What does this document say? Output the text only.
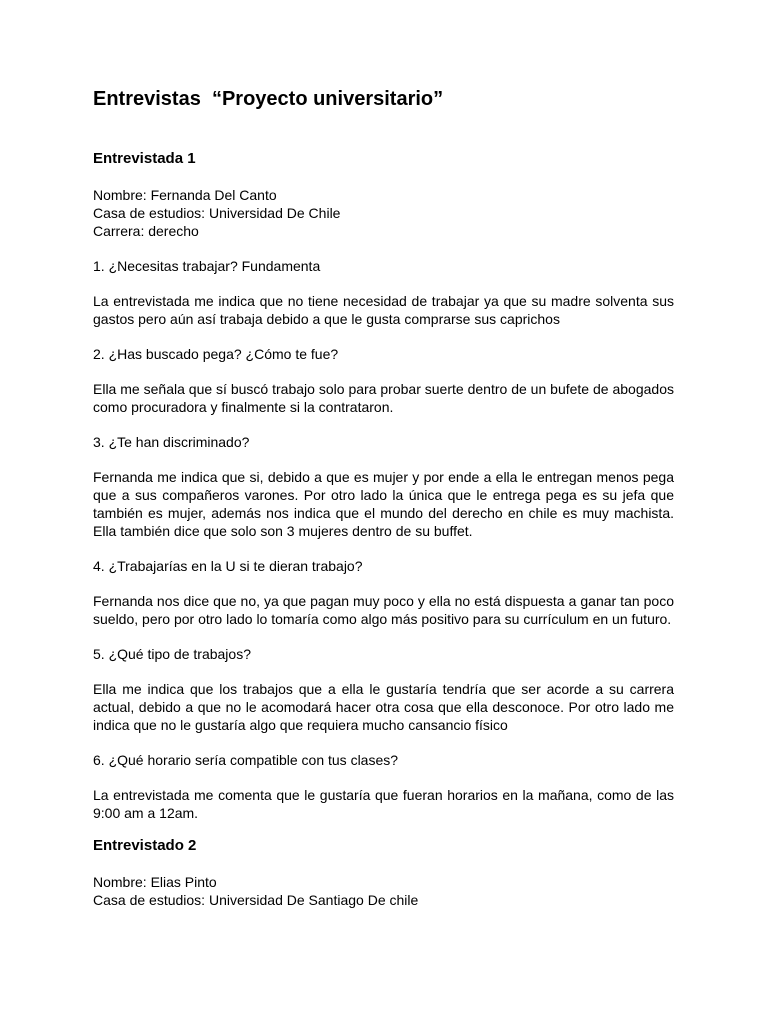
Entrevistas  “Proyecto universitario”
Entrevistada 1

Nombre: Fernanda Del Canto

Casa de estudios: Universidad De Chile

Carrera: derecho

1. ¿Necesitas trabajar? Fundamenta

La entrevistada me indica que no tiene necesidad de trabajar ya que su madre solventa sus gastos pero aún así trabaja debido a que le gusta comprarse sus caprichos

2. ¿Has buscado pega? ¿Cómo te fue?

Ella me señala que sí buscó trabajo solo para probar suerte dentro de un bufete de abogados como procuradora y finalmente si la contrataron.

3. ¿Te han discriminado?

Fernanda me indica que si, debido a que es mujer y por ende a ella le entregan menos pega que a sus compañeros varones. Por otro lado la única que le entrega pega es su jefa que también es mujer, además nos indica que el mundo del derecho en chile es muy machista. Ella también dice que solo son 3 mujeres dentro de su buffet.

4. ¿Trabajarías en la U si te dieran trabajo?

Fernanda nos dice que no, ya que pagan muy poco y ella no está dispuesta a ganar tan poco sueldo, pero por otro lado lo tomaría como algo más positivo para su currículum en un futuro.

5. ¿Qué tipo de trabajos?

Ella me indica que los trabajos que a ella le gustaría tendría que ser acorde a su carrera actual, debido a que no le acomodará hacer otra cosa que ella desconoce. Por otro lado me indica que no le gustaría algo que requiera mucho cansancio físico

6. ¿Qué horario sería compatible con tus clases?

La entrevistada me comenta que le gustaría que fueran horarios en la mañana, como de las 9:00 am a 12am.

Entrevistado 2

Nombre: Elias Pinto

Casa de estudios: Universidad De Santiago De chile
